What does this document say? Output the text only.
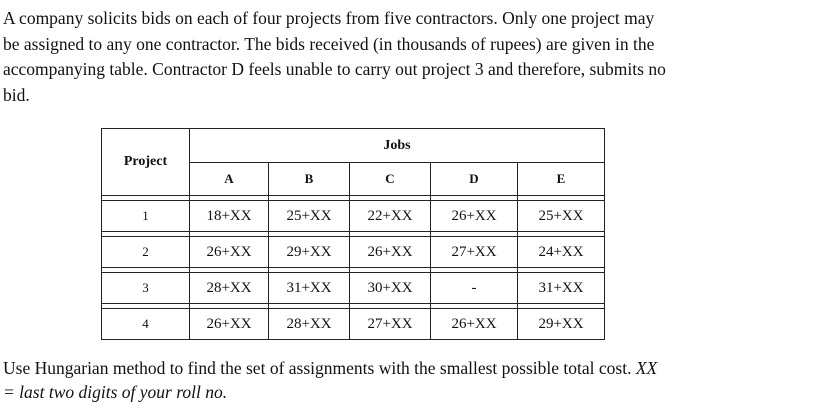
A company solicits bids on each of four projects from five contractors. Only one project may

be assigned to any one contractor. The bids received (in thousands of rupees) are given in the

accompanying table. Contractor D feels unable to carry out project 3 and therefore, submits no

bid.

Project	Jobs				
	A	B	C	D	E

1	18+XX	25+XX	22+XX	26+XX	25+XX

2	26+XX	29+XX	26+XX	27+XX	24+XX

3	28+XX	31+XX	30+XX	-	31+XX

4	26+XX	28+XX	27+XX	26+XX	29+XX

Use Hungarian method to find the set of assignments with the smallest possible total cost. XX

= last two digits of your roll no.
